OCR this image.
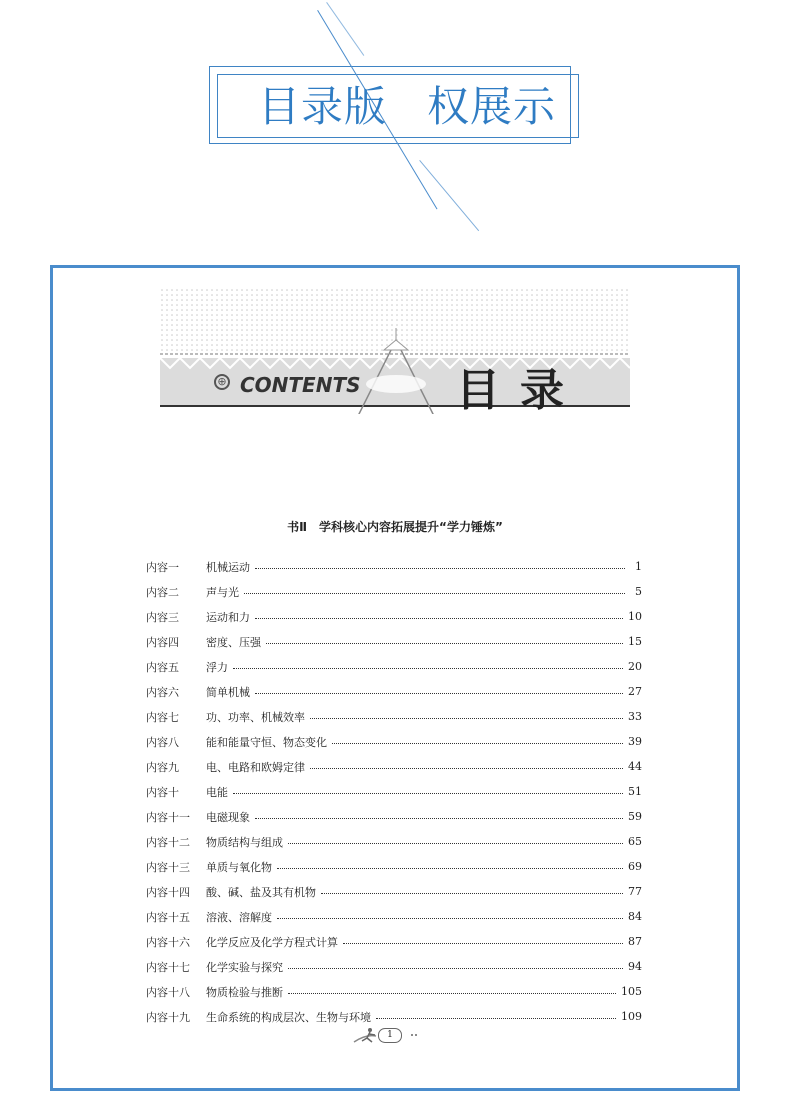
目录版 权展示
⊕ CONTENTS 目录
书Ⅱ　学科核心内容拓展提升“学力锤炼”
内容一	机械运动	1
内容二	声与光	5
内容三	运动和力	10
内容四	密度、压强	15
内容五	浮力	20
内容六	简单机械	27
内容七	功、功率、机械效率	33
内容八	能和能量守恒、物态变化	39
内容九	电、电路和欧姆定律	44
内容十	电能	51
内容十一	电磁现象	59
内容十二	物质结构与组成	65
内容十三	单质与氧化物	69
内容十四	酸、碱、盐及其有机物	77
内容十五	溶液、溶解度	84
内容十六	化学反应及化学方程式计算	87
内容十七	化学实验与探究	94
内容十八	物质检验与推断	105
内容十九	生命系统的构成层次、生物与环境	109
1
